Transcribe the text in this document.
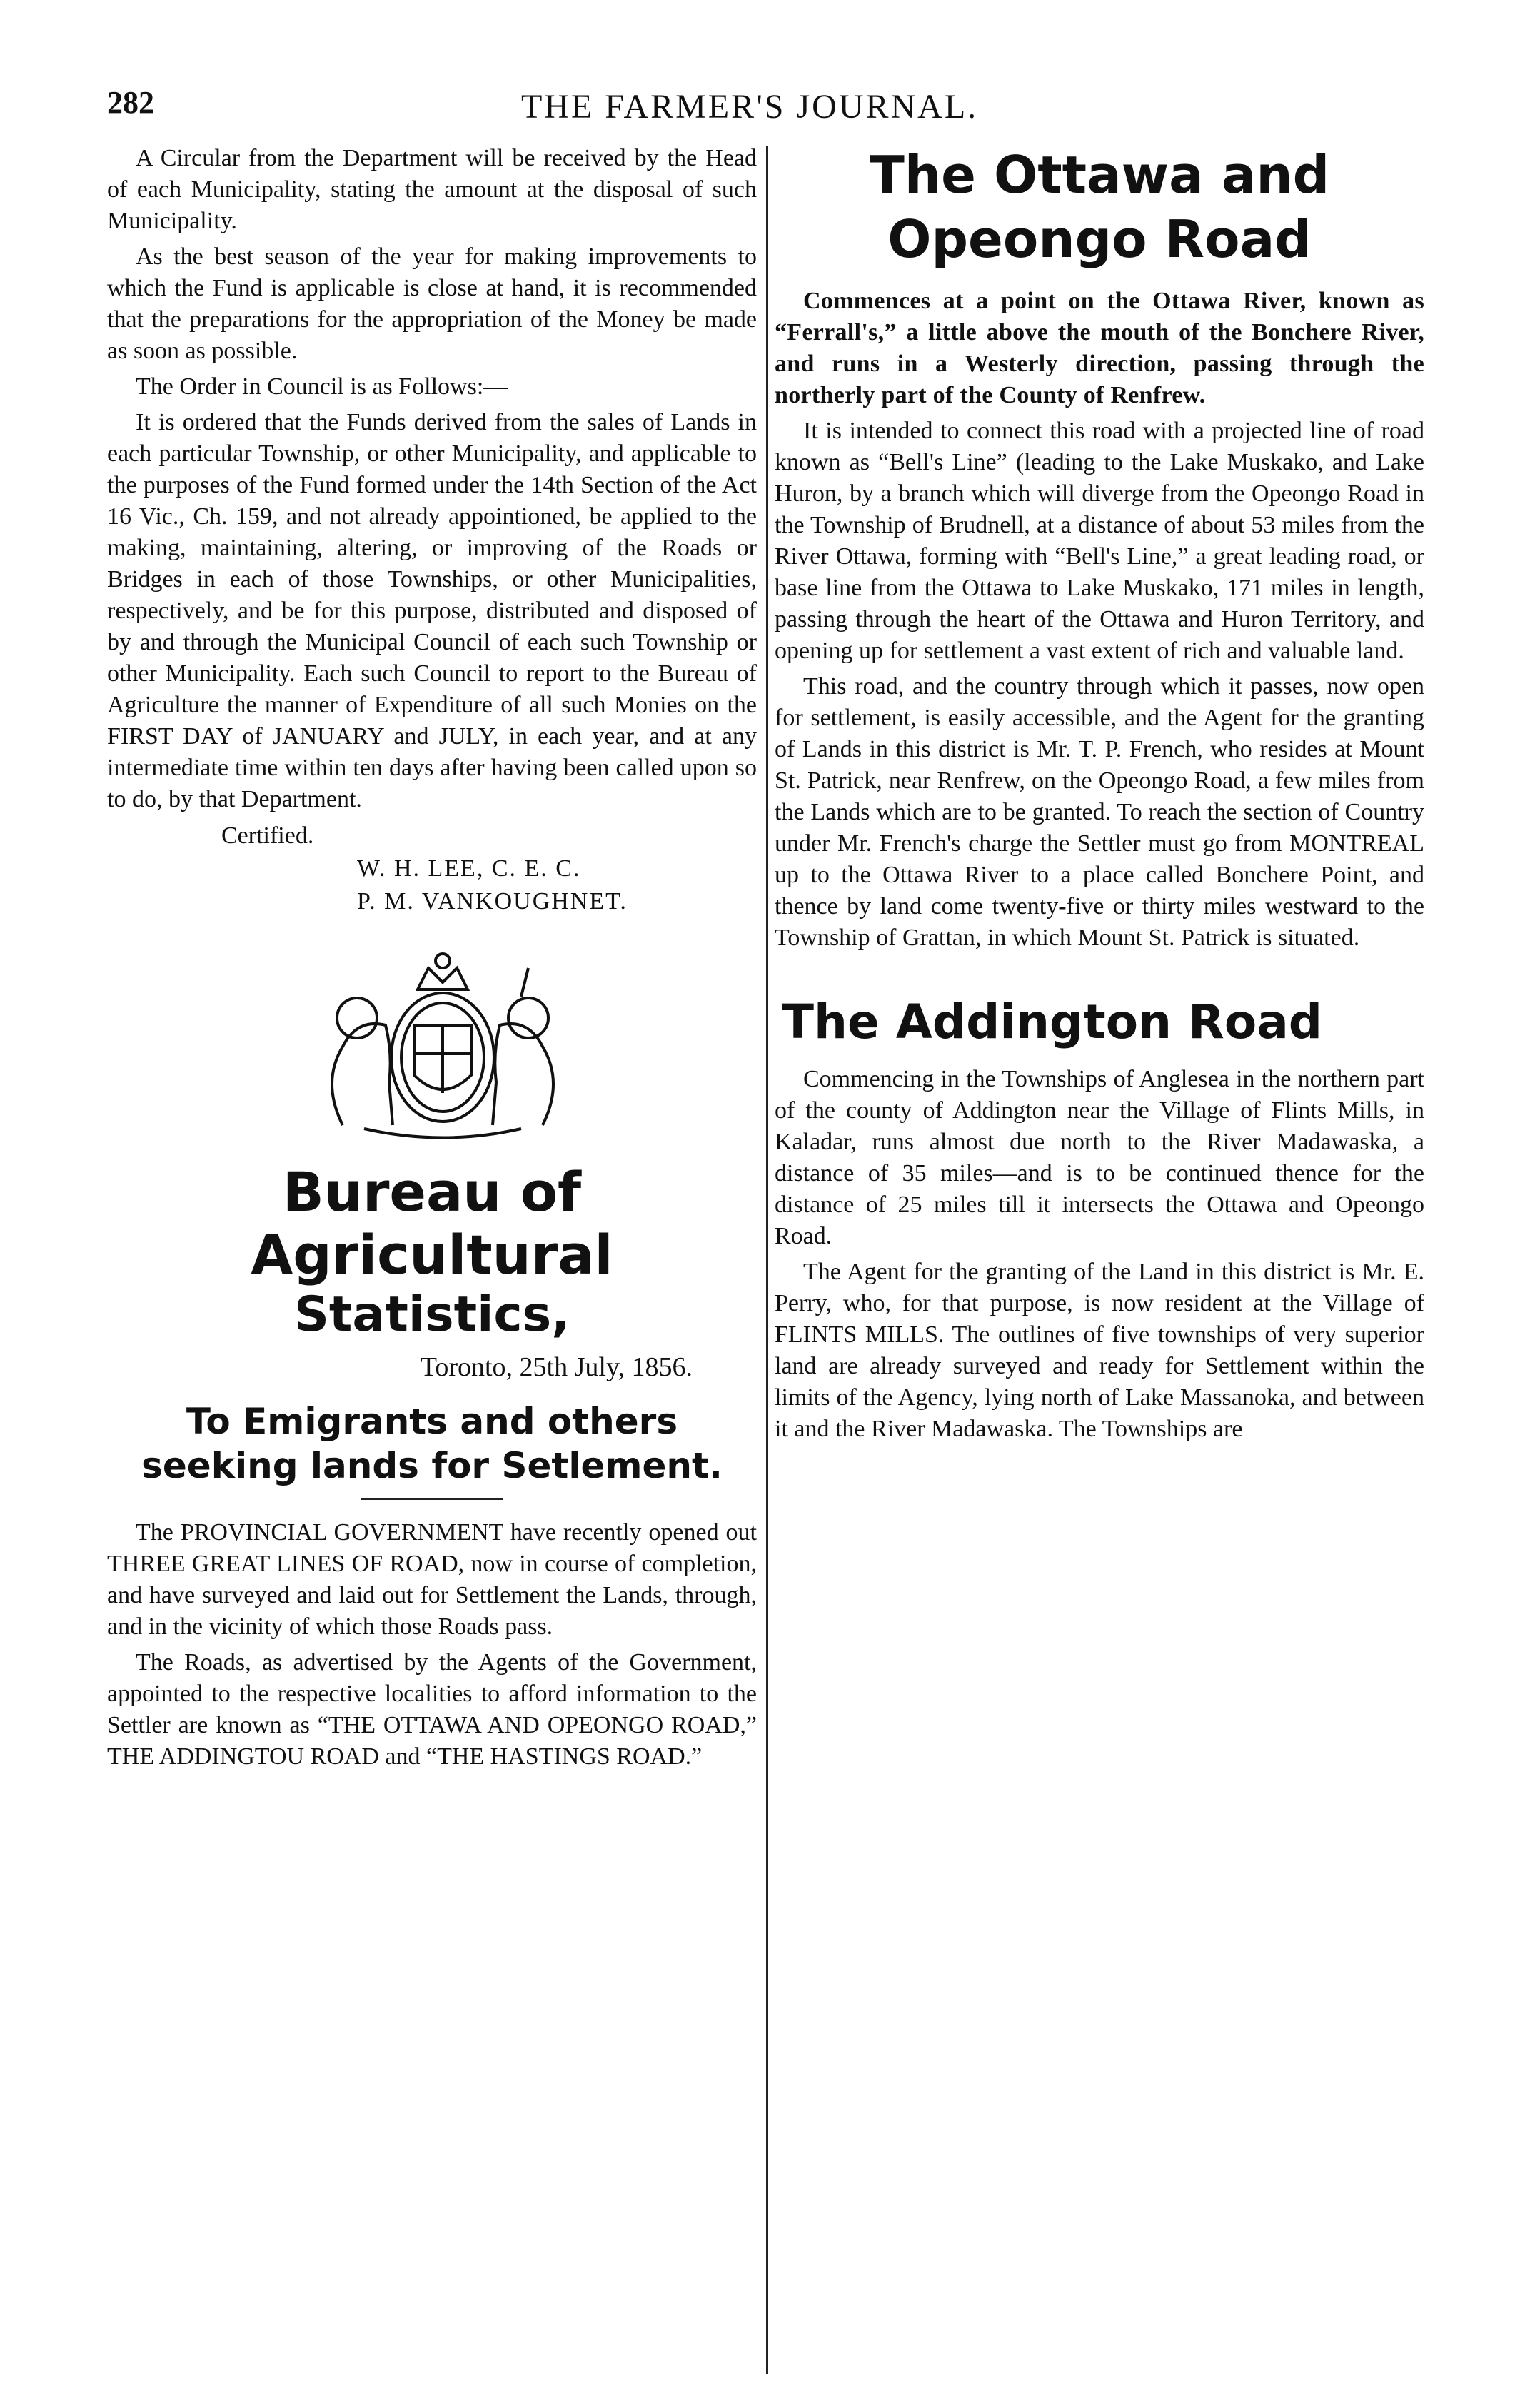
282	THE FARMER'S JOURNAL.

A Circular from the Department will be received by the Head of each Municipality, stating the amount at the disposal of such Municipality.

As the best season of the year for making improvements to which the Fund is applicable is close at hand, it is recommended that the preparations for the appropriation of the Money be made as soon as possible.

The Order in Council is as Follows:—

It is ordered that the Funds derived from the sales of Lands in each particular Township, or other Municipality, and applicable to the purposes of the Fund formed under the 14th Section of the Act 16 Vic., Ch. 159, and not already appointioned, be applied to the making, maintaining, altering, or improving of the Roads or Bridges in each of those Townships, or other Municipalities, respectively, and be for this purpose, distributed and disposed of by and through the Municipal Council of each such Township or other Municipality. Each such Council to report to the Bureau of Agriculture the manner of Expenditure of all such Monies on the FIRST DAY of JANUARY and JULY, in each year, and at any intermediate time within ten days after having been called upon so to do, by that Department.

Certified.

W. H. LEE, C. E. C.

P. M. VANKOUGHNET.

Bureau of Agricultural
Statistics,
Toronto, 25th July, 1856.
To Emigrants and others seeking lands for Setlement.

The PROVINCIAL GOVERNMENT have recently opened out THREE GREAT LINES OF ROAD, now in course of completion, and have surveyed and laid out for Settlement the Lands, through, and in the vicinity of which those Roads pass.

The Roads, as advertised by the Agents of the Government, appointed to the respective localities to afford information to the Settler are known as “THE OTTAWA AND OPEONGO ROAD,” THE ADDINGTOU ROAD and “THE HASTINGS ROAD.”

The Ottawa and Opeongo Road

Commences at a point on the Ottawa River, known as “Ferrall's,” a little above the mouth of the Bonchere River, and runs in a Westerly direction, passing through the northerly part of the County of Renfrew.

It is intended to connect this road with a projected line of road known as “Bell's Line” (leading to the Lake Muskako, and Lake Huron, by a branch which will diverge from the Opeongo Road in the Township of Brudnell, at a distance of about 53 miles from the River Ottawa, forming with “Bell's Line,” a great leading road, or base line from the Ottawa to Lake Muskako, 171 miles in length, passing through the heart of the Ottawa and Huron Territory, and opening up for settlement a vast extent of rich and valuable land.

This road, and the country through which it passes, now open for settlement, is easily accessible, and the Agent for the granting of Lands in this district is Mr. T. P. French, who resides at Mount St. Patrick, near Renfrew, on the Opeongo Road, a few miles from the Lands which are to be granted. To reach the section of Country under Mr. French's charge the Settler must go from MONTREAL up to the Ottawa River to a place called Bonchere Point, and thence by land come twenty-five or thirty miles westward to the Township of Grattan, in which Mount St. Patrick is situated.

The Addington Road

Commencing in the Townships of Anglesea in the northern part of the county of Addington near the Village of Flints Mills, in Kaladar, runs almost due north to the River Madawaska, a distance of 35 miles—and is to be continued thence for the distance of 25 miles till it intersects the Ottawa and Opeongo Road.

The Agent for the granting of the Land in this district is Mr. E. Perry, who, for that purpose, is now resident at the Village of FLINTS MILLS. The outlines of five townships of very superior land are already surveyed and ready for Settlement within the limits of the Agency, lying north of Lake Massanoka, and between it and the River Madawaska. The Townships are
